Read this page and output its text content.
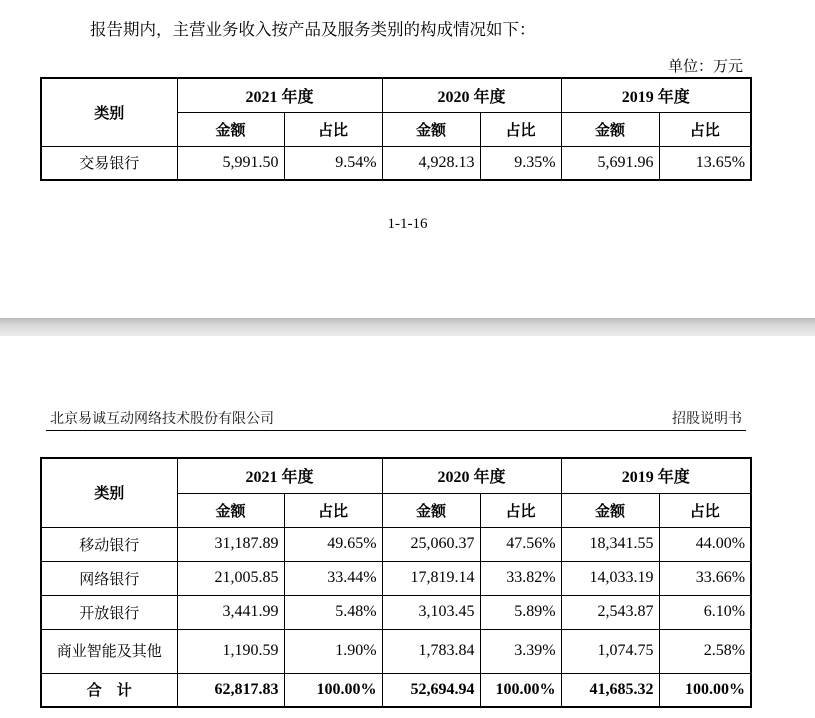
报告期内，主营业务收入按产品及服务类别的构成情况如下：
单位：万元
类别	2021 年度		2020 年度		2019 年度	
	金额	占比	金额	占比	金额	占比
交易银行	5,991.50	9.54%	4,928.13	9.35%	5,691.96	13.65%
1-1-16
北京易诚互动网络技术股份有限公司	招股说明书
类别	2021 年度		2020 年度		2019 年度	
	金额	占比	金额	占比	金额	占比
移动银行	31,187.89	49.65%	25,060.37	47.56%	18,341.55	44.00%
网络银行	21,005.85	33.44%	17,819.14	33.82%	14,033.19	33.66%
开放银行	3,441.99	5.48%	3,103.45	5.89%	2,543.87	6.10%
商业智能及其他	1,190.59	1.90%	1,783.84	3.39%	1,074.75	2.58%
合　计	62,817.83	100.00%	52,694.94	100.00%	41,685.32	100.00%
